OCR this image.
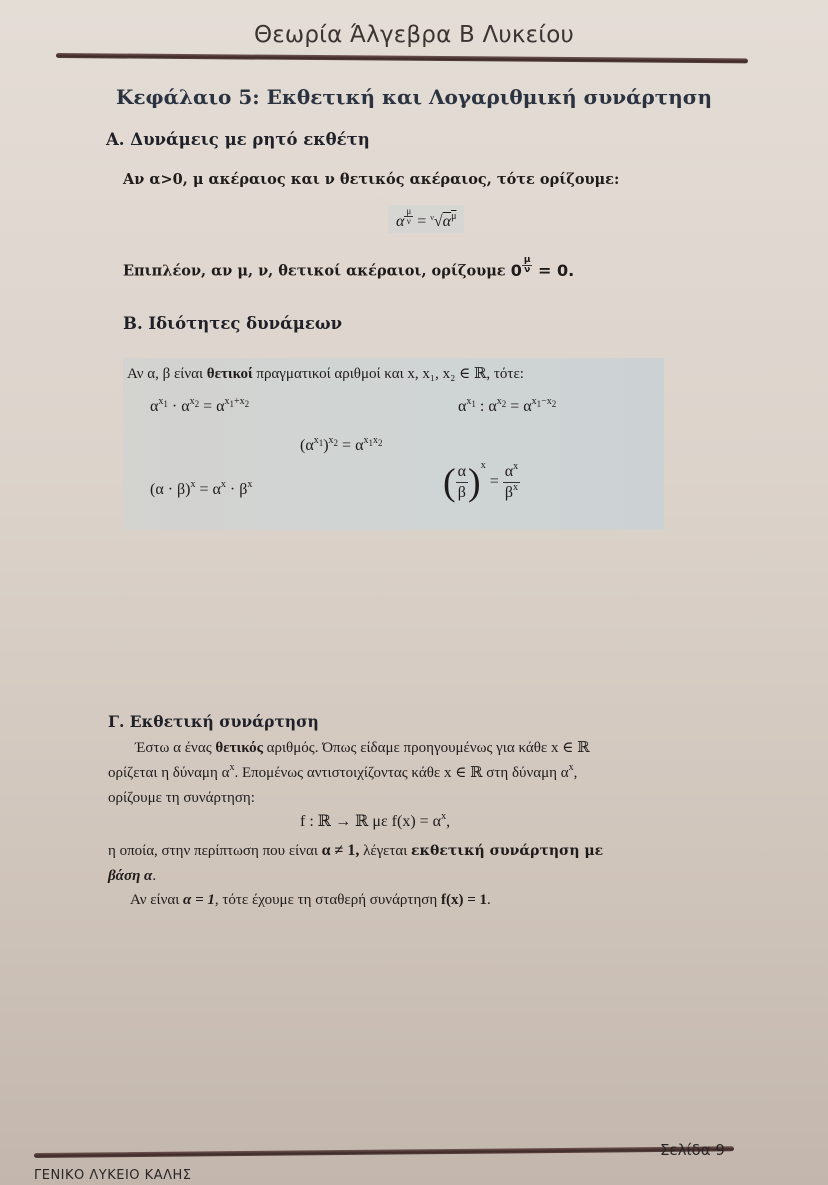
Θεωρία Άλγεβρα Β Λυκείου
Κεφάλαιο 5: Εκθετική και Λογαριθμική συνάρτηση
Α. Δυνάμεις με ρητό εκθέτη
Αν α>0, μ ακέραιος και ν θετικός ακέραιος, τότε ορίζουμε:
α $^{\frac{\mu}{\nu}} = ^\nu√\alpha^\mu$
Επιπλέον, αν μ, ν, θετικοί ακέραιοι, ορίζουμε 0 $^{\frac{\mu}{\nu}}$ = 0.
Β. Ιδιότητες δυνάμεων
Αν α, β είναι θετικοί πραγματικοί αριθμοί και x, x₁, x₂ ∈ ℝ, τότε:
$\alpha^{x_1} \cdot \alpha^{x_2} = \alpha^{x_1+x_2}$	$\alpha^{x_1}$ : $\alpha^{x_2} = \alpha^{x_1-x_2}$
$(\alpha^{x_1})^{x_2} = \alpha^{x_1x_2}$
$(\alpha \cdot \beta)^x = \alpha^x \cdot \beta^x$	( $\frac{\alpha}{\beta} )^x = \frac{\alpha^x}{\beta^x}$
Γ. Εκθετική συνάρτηση
Έστω α ένας θετικός αριθμός. Όπως είδαμε προηγουμένως για κάθε x ∈ ℝ
ορίζεται η δύναμη $\alpha^x$. Επομένως αντιστοιχίζοντας κάθε x ∈ ℝ στη δύναμη $\alpha^x$,
ορίζουμε τη συνάρτηση:
f : ℝ → ℝ με $f(x) = \alpha^x$,
η οποία, στην περίπτωση που είναι α ≠ 1, λέγεται εκθετική συνάρτηση με
βάση α.
Αν είναι α = 1, τότε έχουμε τη σταθερή συνάρτηση f(x) = 1.
ΓΕΝΙΚΟ ΛΥΚΕΙΟ ΚΑΛΗΣ
Σελίδα 9
